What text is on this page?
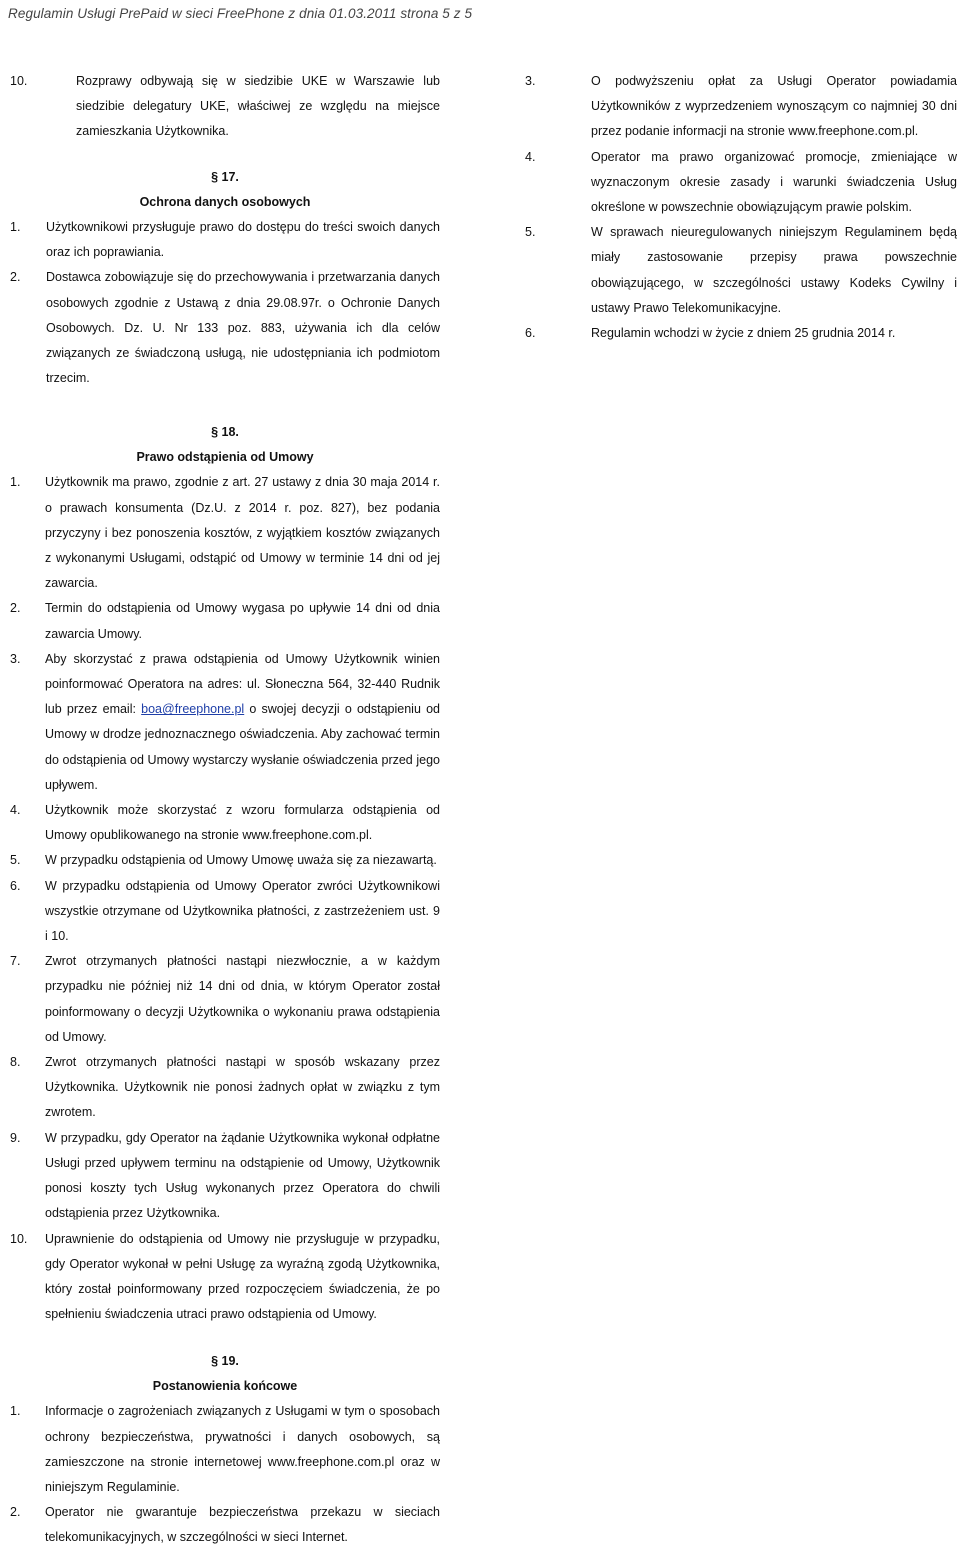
Regulamin Usługi PrePaid w sieci FreePhone z dnia 01.03.2011 strona 5 z 5
10.	Rozprawy odbywają się w siedzibie UKE w Warszawie lub siedzibie delegatury UKE, właściwej ze względu na miejsce zamieszkania Użytkownika.
§ 17.
Ochrona danych osobowych
1.	Użytkownikowi przysługuje prawo do dostępu do treści swoich danych oraz ich poprawiania.
2.	Dostawca zobowiązuje się do przechowywania i przetwarzania danych osobowych zgodnie z Ustawą z dnia 29.08.97r. o Ochronie Danych Osobowych. Dz. U. Nr 133 poz. 883, używania ich dla celów związanych ze świadczoną usługą, nie udostępniania ich podmiotom trzecim.
§ 18.
Prawo odstąpienia od Umowy
1.	Użytkownik ma prawo, zgodnie z art. 27 ustawy z dnia 30 maja 2014 r. o prawach konsumenta (Dz.U. z 2014 r. poz. 827), bez podania przyczyny i bez ponoszenia kosztów, z wyjątkiem kosztów związanych z wykonanymi Usługami, odstąpić od Umowy w terminie 14 dni od jej zawarcia.
2.	Termin do odstąpienia od Umowy wygasa po upływie 14 dni od dnia zawarcia Umowy.
3.	Aby skorzystać z prawa odstąpienia od Umowy Użytkownik winien poinformować Operatora na adres: ul. Słoneczna 564, 32-440 Rudnik lub przez email: boa@freephone.pl o swojej decyzji o odstąpieniu od Umowy w drodze jednoznacznego oświadczenia. Aby zachować termin do odstąpienia od Umowy wystarczy wysłanie oświadczenia przed jego upływem.
4.	Użytkownik może skorzystać z wzoru formularza odstąpienia od Umowy opublikowanego na stronie www.freephone.com.pl.
5.	W przypadku odstąpienia od Umowy Umowę uważa się za niezawartą.
6.	W przypadku odstąpienia od Umowy Operator zwróci Użytkownikowi wszystkie otrzymane od Użytkownika płatności, z zastrzeżeniem ust. 9 i 10.
7.	Zwrot otrzymanych płatności nastąpi niezwłocznie, a w każdym przypadku nie później niż 14 dni od dnia, w którym Operator został poinformowany o decyzji Użytkownika o wykonaniu prawa odstąpienia od Umowy.
8.	Zwrot otrzymanych płatności nastąpi w sposób wskazany przez Użytkownika. Użytkownik nie ponosi żadnych opłat w związku z tym zwrotem.
9.	W przypadku, gdy Operator na żądanie Użytkownika wykonał odpłatne Usługi przed upływem terminu na odstąpienie od Umowy, Użytkownik ponosi koszty tych Usług wykonanych przez Operatora do chwili odstąpienia przez Użytkownika.
10.	Uprawnienie do odstąpienia od Umowy nie przysługuje w przypadku, gdy Operator wykonał w pełni Usługę za wyraźną zgodą Użytkownika, który został poinformowany przed rozpoczęciem świadczenia, że po spełnieniu świadczenia utraci prawo odstąpienia od Umowy.
§ 19.
Postanowienia końcowe
1.	Informacje o zagrożeniach związanych z Usługami w tym o sposobach ochrony bezpieczeństwa, prywatności i danych osobowych, są zamieszczone na stronie internetowej www.freephone.com.pl oraz w niniejszym Regulaminie.
2.	Operator nie gwarantuje bezpieczeństwa przekazu w sieciach telekomunikacyjnych, w szczególności w sieci Internet.
3.	O podwyższeniu opłat za Usługi Operator powiadamia Użytkowników z wyprzedzeniem wynoszącym co najmniej 30 dni przez podanie informacji na stronie www.freephone.com.pl.
4.	Operator ma prawo organizować promocje, zmieniające w wyznaczonym okresie zasady i warunki świadczenia Usług określone w powszechnie obowiązującym prawie polskim.
5.	W sprawach nieuregulowanych niniejszym Regulaminem będą miały zastosowanie przepisy prawa powszechnie obowiązującego, w szczególności ustawy Kodeks Cywilny i ustawy Prawo Telekomunikacyjne.
6.	Regulamin wchodzi w życie z dniem 25 grudnia 2014 r.
